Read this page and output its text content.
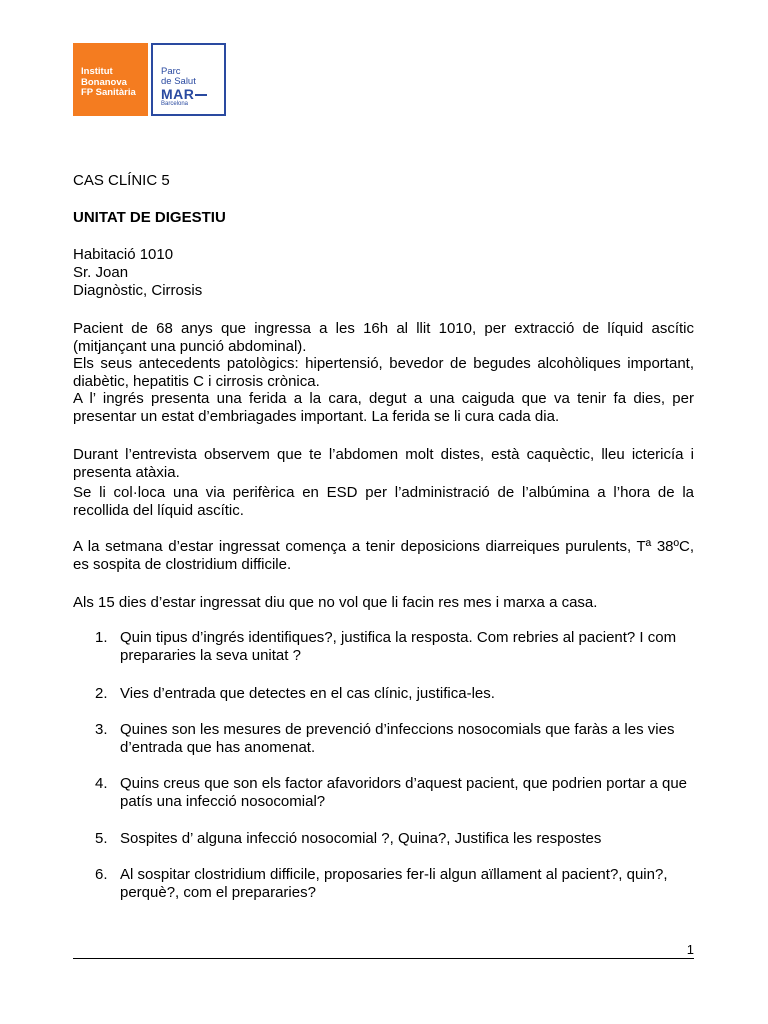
Institut
Bonanova
FP Sanitària
Parc
de Salut
MAR
Barcelona

CAS CLÍNIC 5

UNITAT DE DIGESTIU

Habitació 1010

Sr. Joan

Diagnòstic, Cirrosis

Pacient de 68 anys que ingressa a les 16h al llit 1010, per extracció de líquid ascític (mitjançant una punció abdominal).

Els seus antecedents patològics: hipertensió, bevedor de begudes alcohòliques important, diabètic, hepatitis C i cirrosis crònica.

A l’ ingrés presenta una ferida a la cara, degut a una caiguda que va tenir fa dies, per presentar un estat d’embriagades important. La ferida se li cura cada dia.

Durant l’entrevista observem que te l’abdomen molt distes, està caquèctic, lleu ictericía i presenta atàxia.

Se li col·loca una via perifèrica en ESD per l’administració de l’albúmina a l’hora de la recollida del líquid ascític.

A la setmana d’estar ingressat comença a tenir deposicions diarreiques purulents, Tª 38ºC, es sospita de clostridium difficile.

Als 15 dies d’estar ingressat diu que no vol que li facin res mes i marxa a casa.

1. Quin tipus d’ingrés identifiques?, justifica la resposta. Com rebries al pacient? I com prepararies la seva unitat ?
2. Vies d’entrada que detectes en el cas clínic, justifica-les.
3. Quines son les mesures de prevenció d’infeccions nosocomials que faràs a les vies d’entrada que has anomenat.
4. Quins creus que son els factor afavoridors d’aquest pacient, que podrien portar a que patís una infecció nosocomial?
5. Sospites d’ alguna infecció nosocomial ?, Quina?, Justifica les respostes
6. Al sospitar clostridium difficile, proposaries fer-li algun aïllament al pacient?, quin?, perquè?, com el prepararies?
1
